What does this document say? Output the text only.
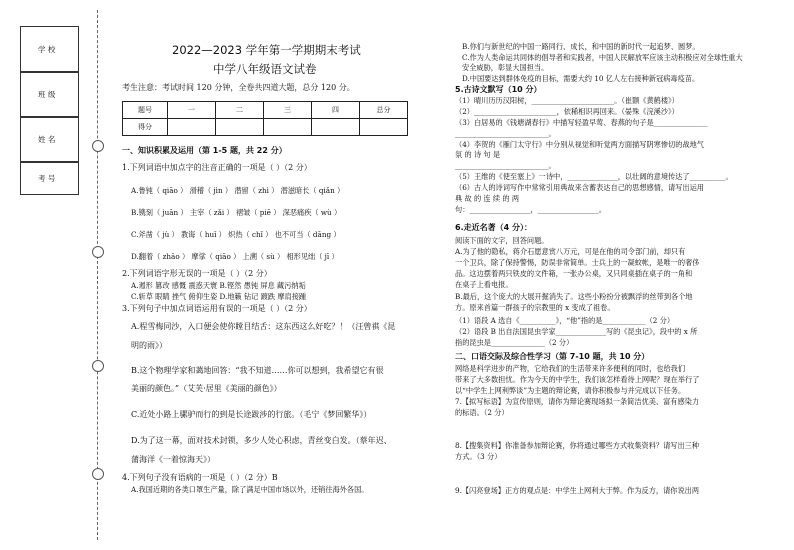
学 校
班 级
姓 名
考 号
2022—2023 学年第一学期期末考试
中学八年级语文试卷
考生注意：考试时间 120 分钟，全卷共四道大题，总分 120 分。
题号	一	二	三	四	总分
得分					
一、知识积累及运用（第 1-5 题，共 22 分）
1.下列词语中加点字的注音正确的一项是（ ）（2 分）
A.鲁钝（ qiāo ） 滑稽（ jìn ） 潜留（ zhì ） 潜滋暗长（ qiǎn ）
B.镌刻（ juān ） 主宰（ zǎi ） 褶皱（ piē ） 深恶痛疾（ wù ）
C.斧凿（ jù ） 教诲（ huǐ ） 炽热（ chǐ ） 也不可当（ dāng ）
D.翻着（ zhāo ） 摩挲（ qiāo ） 上溯（ sù ） 相形见绌（ jī ）
2.下列词语字形无误的一项是（ ）（2 分）
A.遏形 篡改 感慨 震惑天寰 B.铿然 愚钝 屏息 藏污纳垢
C.斩草 眼睛 挫气 俯仰生姿 D.地籁 钻记 踱跌 摩肩接踵
3.下列句子中加点词语运用有误的一项是（ ）（2 分）
A.程雪梅同沙，入口便会使你瞠目结舌：这东西这么好吃？！（汪曾祺《昆
明的雨》）
B.这个物理学家和蔼地回答：“我不知道……你可以想到，我希望它有很
美丽的颜色。”（艾芙·居里《美丽的颜色》）
C.近处小路上骡驴而行的到是长途跋涉的行旅。（毛宁《梦回繁华》）
D.为了这一幕，面对技术封锁，多少人处心积虑，青丝变白发。（蔡年迟、
蒲海洋《一着惊海天》）
4.下列句子没有语病的一项是（ ）（2 分）B
A.我国近期的各类口罩生产量，除了满足中国市场以外，还销往海外各国。
B.你们与新世纪的中国一路同行、成长，和中国的新时代一起追梦、圆梦。
C.作为人类命运共同体的倡导者和实践者，中国人民解放军应该主动积极应对全球性重大
安全威胁，彰显大国担当。
D.中国要达到群体免疫的目标，需要大约 10 亿人左右接种新冠病毒疫苗。
5.古诗文默写（10 分）
（1）晴川历历汉阳树，_______________________。（崔颢《黄鹤楼》）
（2）_______________________，依稀相识再回来。（晏殊《浣溪沙》）
（3）白居易的《钱塘湖春行》中描写轻盈早莺、春燕的句子是_______________
__________________________。
（4）李贺的《雁门太守行》中分别从视觉和听觉两方面描写阴寒惨切的战地气
氛 的 诗 句 是
__________________________。
（5）王维的《使至塞上》一诗中，______________，以壮阔的意境传达了__________。
（6）古人的诗词写作中常常引用典故来含蓄表达自己的思想感情，请写出运用
典 故 的 连 续 的 两
句：_________________，_________________。
6.走近名著（4 分）：
阅读下面的文字，回答问题。
A.为了他的隐私，蒋介石愿意赏八万元，可是在他的司令部门前，却只有
一个卫兵，除了保持警惕，防误非常简单。士兵上的一凝蚊帐，是唯一的奢侈
品。这边摆着两只铁皮的文件箱，一张办公桌，又只同桌插在桌子的一角和
在桌子上看电报。
B.最后，这个庞大的大展开掘消失了。这些小粉扮分被飘浮的丝带到各个地
方。原来首篇一群孩子的宗教里的 x 变成了祖卷。
（1）语段 A 选自《__________》，“他”指的是____________（2 分）
（2）语段 B 出自法国昆虫学家______________写的《昆虫记》，段中的 x 所
指的昆虫是_______________（2 分）
二、口语交际及综合性学习（第 7-10 题，共 10 分）
网络是科学进步的产物，它给我们的生活带来许多便利的同时，也给我们
带来了大多数担忧。作为今天的中学生，我们该怎样看待上网呢？现在举行了
以“中学生上网利弊谈”为主题的辩论赛，请你积极参与并完成以下任务。
7.【拟写标语】为宣传原则，请你为辩论赛现场拟一条简洁优美、富有感染力
的标语。（2 分）
8.【搜集资料】你准备参加辩论赛，你将通过哪些方式收集资料？请写出三种
方式。（3 分）
9.【闪亮登场】正方的观点是：中学生上网利大于弊。作为反方，请你说出两
